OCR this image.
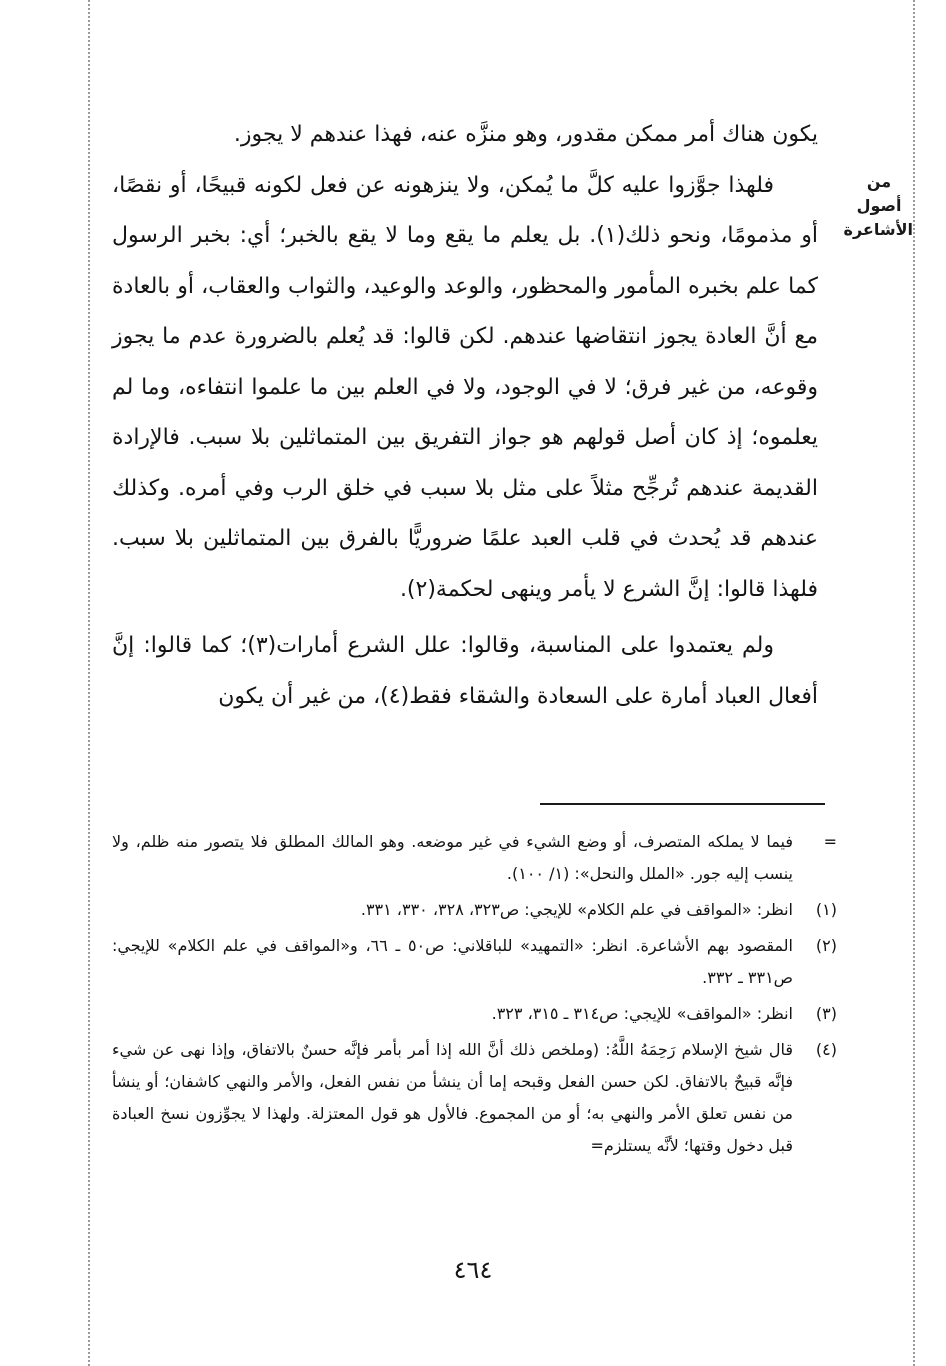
من أصول
الأشاعرة

يكون هناك أمر ممكن مقدور، وهو منزَّه عنه، فهذا عندهم لا يجوز.

فلهذا جوَّزوا عليه كلَّ ما يُمكن، ولا ينزهونه عن فعل لكونه قبيحًا، أو نقصًا، أو مذمومًا، ونحو ذلك(١). بل يعلم ما يقع وما لا يقع بالخبر؛ أي: بخبر الرسول كما علم بخبره المأمور والمحظور، والوعد والوعيد، والثواب والعقاب، أو بالعادة مع أنَّ العادة يجوز انتقاضها عندهم. لكن قالوا: قد يُعلم بالضرورة عدم ما يجوز وقوعه، من غير فرق؛ لا في الوجود، ولا في العلم بين ما علموا انتفاءه، وما لم يعلموه؛ إذ كان أصل قولهم هو جواز التفريق بين المتماثلين بلا سبب. فالإرادة القديمة عندهم تُرجِّح مثلاً على مثل بلا سبب في خلق الرب وفي أمره. وكذلك عندهم قد يُحدث في قلب العبد علمًا ضروريًّا بالفرق بين المتماثلين بلا سبب. فلهذا قالوا: إنَّ الشرع لا يأمر وينهى لحكمة(٢).

ولم يعتمدوا على المناسبة، وقالوا: علل الشرع أمارات(٣)؛ كما قالوا: إنَّ أفعال العباد أمارة على السعادة والشقاء فقط(٤)، من غير أن يكون

=
فيما لا يملكه المتصرف، أو وضع الشيء في غير موضعه. وهو المالك المطلق فلا يتصور منه ظلم، ولا ينسب إليه جور. «الملل والنحل»: (١/ ١٠٠).
(١)
انظر: «المواقف في علم الكلام» للإيجي: ص٣٢٣، ٣٢٨، ٣٣٠، ٣٣١.
(٢)
المقصود بهم الأشاعرة. انظر: «التمهيد» للباقلاني: ص٥٠ ـ ٦٦، و«المواقف في علم الكلام» للإيجي: ص٣٣١ ـ ٣٣٢.
(٣)
انظر: «المواقف» للإيجي: ص٣١٤ ـ ٣١٥، ٣٢٣.
(٤)
قال شيخ الإسلام رَحِمَهُ اللَّهُ: (وملخص ذلك أنَّ الله إذا أمر بأمر فإنَّه حسنٌ بالاتفاق، وإذا نهى عن شيء فإنَّه قبيحٌ بالاتفاق. لكن حسن الفعل وقبحه إما أن ينشأ من نفس الفعل، والأمر والنهي كاشفان؛ أو ينشأ من نفس تعلق الأمر والنهي به؛ أو من المجموع. فالأول هو قول المعتزلة. ولهذا لا يجوِّزون نسخ العبادة قبل دخول وقتها؛ لأنَّه يستلزم=
٤٦٤
